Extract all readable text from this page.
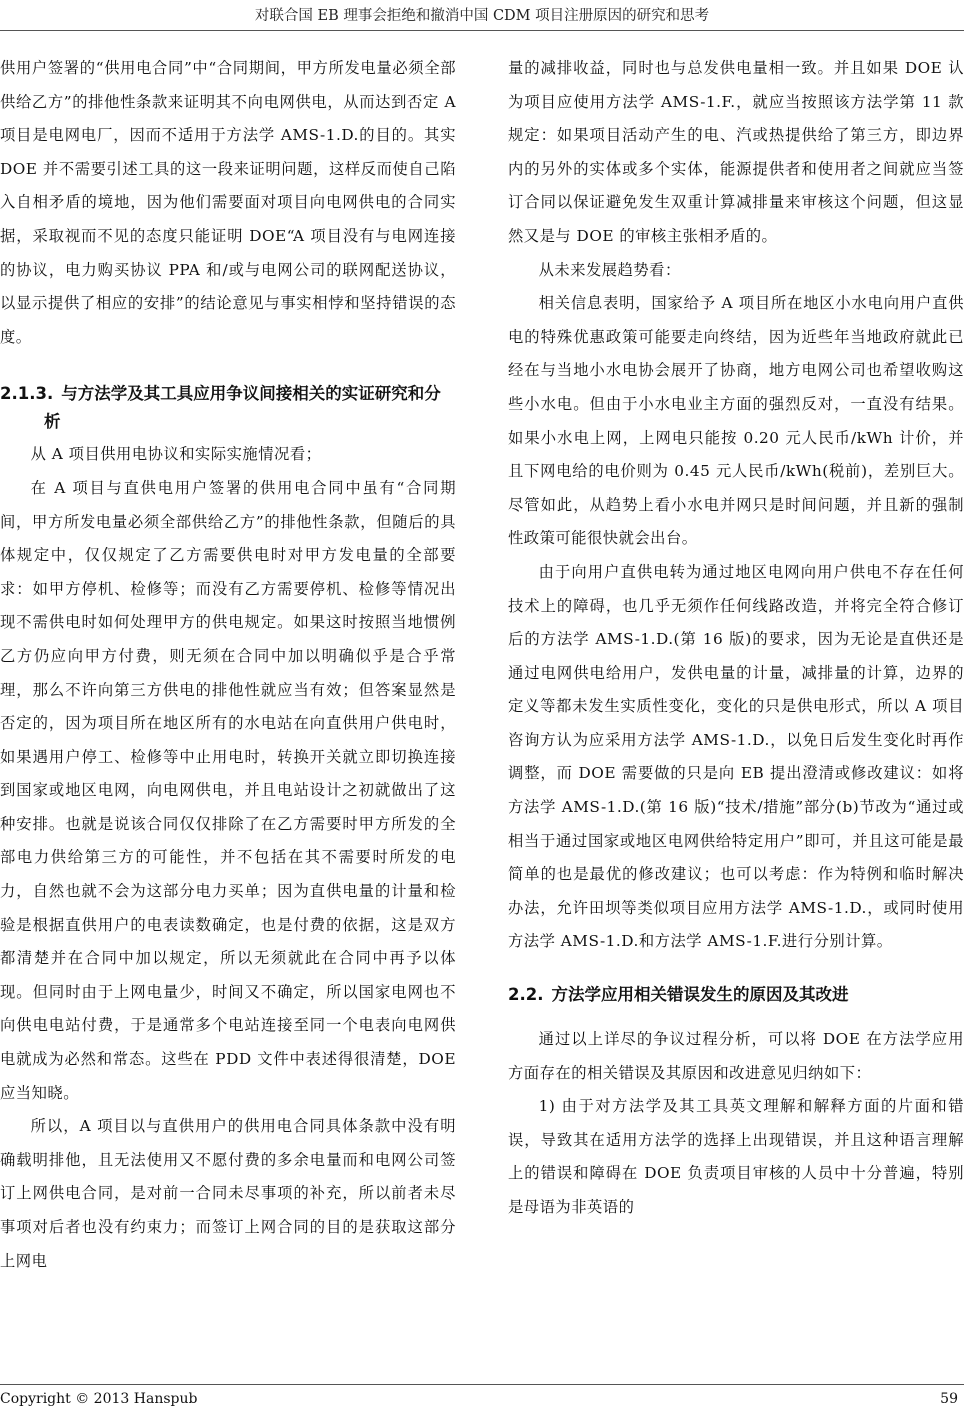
对联合国 EB 理事会拒绝和撤消中国 CDM 项目注册原因的研究和思考

供用户签署的“供用电合同”中“合同期间，甲方所发电量必须全部供给乙方”的排他性条款来证明其不向电网供电，从而达到否定 A 项目是电网电厂，因而不适用于方法学 AMS-1.D.的目的。其实 DOE 并不需要引述工具的这一段来证明问题，这样反而使自己陷入自相矛盾的境地，因为他们需要面对项目向电网供电的合同实据，采取视而不见的态度只能证明 DOE“A 项目没有与电网连接的协议，电力购买协议 PPA 和/或与电网公司的联网配送协议，以显示提供了相应的安排”的结论意见与事实相悖和坚持错误的态度。

2.1.3. 与方法学及其工具应用争议间接相关的实证研究和分析

从 A 项目供用电协议和实际实施情况看；

在 A 项目与直供电用户签署的供用电合同中虽有“合同期间，甲方所发电量必须全部供给乙方”的排他性条款，但随后的具体规定中，仅仅规定了乙方需要供电时对甲方发电量的全部要求：如甲方停机、检修等；而没有乙方需要停机、检修等情况出现不需供电时如何处理甲方的供电规定。如果这时按照当地惯例乙方仍应向甲方付费，则无须在合同中加以明确似乎是合乎常理，那么不许向第三方供电的排他性就应当有效；但答案显然是否定的，因为项目所在地区所有的水电站在向直供用户供电时，如果遇用户停工、检修等中止用电时，转换开关就立即切换连接到国家或地区电网，向电网供电，并且电站设计之初就做出了这种安排。也就是说该合同仅仅排除了在乙方需要时甲方所发的全部电力供给第三方的可能性，并不包括在其不需要时所发的电力，自然也就不会为这部分电力买单；因为直供电量的计量和检验是根据直供用户的电表读数确定，也是付费的依据，这是双方都清楚并在合同中加以规定，所以无须就此在合同中再予以体现。但同时由于上网电量少，时间又不确定，所以国家电网也不向供电电站付费，于是通常多个电站连接至同一个电表向电网供电就成为必然和常态。这些在 PDD 文件中表述得很清楚，DOE 应当知晓。

所以，A 项目以与直供用户的供用电合同具体条款中没有明确载明排他，且无法使用又不愿付费的多余电量而和电网公司签订上网供电合同，是对前一合同未尽事项的补充，所以前者未尽事项对后者也没有约束力；而签订上网合同的目的是获取这部分上网电

量的减排收益，同时也与总发供电量相一致。并且如果 DOE 认为项目应使用方法学 AMS-1.F.，就应当按照该方法学第 11 款规定：如果项目活动产生的电、汽或热提供给了第三方，即边界内的另外的实体或多个实体，能源提供者和使用者之间就应当签订合同以保证避免发生双重计算减排量来审核这个问题，但这显然又是与 DOE 的审核主张相矛盾的。

从未来发展趋势看：

相关信息表明，国家给予 A 项目所在地区小水电向用户直供电的特殊优惠政策可能要走向终结，因为近些年当地政府就此已经在与当地小水电协会展开了协商，地方电网公司也希望收购这些小水电。但由于小水电业主方面的强烈反对，一直没有结果。如果小水电上网，上网电只能按 0.20 元人民币/kWh 计价，并且下网电给的电价则为 0.45 元人民币/kWh(税前)，差别巨大。尽管如此，从趋势上看小水电并网只是时间问题，并且新的强制性政策可能很快就会出台。

由于向用户直供电转为通过地区电网向用户供电不存在任何技术上的障碍，也几乎无须作任何线路改造，并将完全符合修订后的方法学 AMS-1.D.(第 16 版)的要求，因为无论是直供还是通过电网供电给用户，发供电量的计量，减排量的计算，边界的定义等都未发生实质性变化，变化的只是供电形式，所以 A 项目咨询方认为应采用方法学 AMS-1.D.，以免日后发生变化时再作调整，而 DOE 需要做的只是向 EB 提出澄清或修改建议：如将方法学 AMS-1.D.(第 16 版)“技术/措施”部分(b)节改为“通过或相当于通过国家或地区电网供给特定用户”即可，并且这可能是最简单的也是最优的修改建议；也可以考虑：作为特例和临时解决办法，允许田坝等类似项目应用方法学 AMS-1.D.，或同时使用方法学 AMS-1.D.和方法学 AMS-1.F.进行分别计算。

2.2. 方法学应用相关错误发生的原因及其改进

通过以上详尽的争议过程分析，可以将 DOE 在方法学应用方面存在的相关错误及其原因和改进意见归纳如下：

1) 由于对方法学及其工具英文理解和解释方面的片面和错误，导致其在适用方法学的选择上出现错误，并且这种语言理解上的错误和障碍在 DOE 负责项目审核的人员中十分普遍，特别是母语为非英语的

Copyright © 2013 Hanspub	59
